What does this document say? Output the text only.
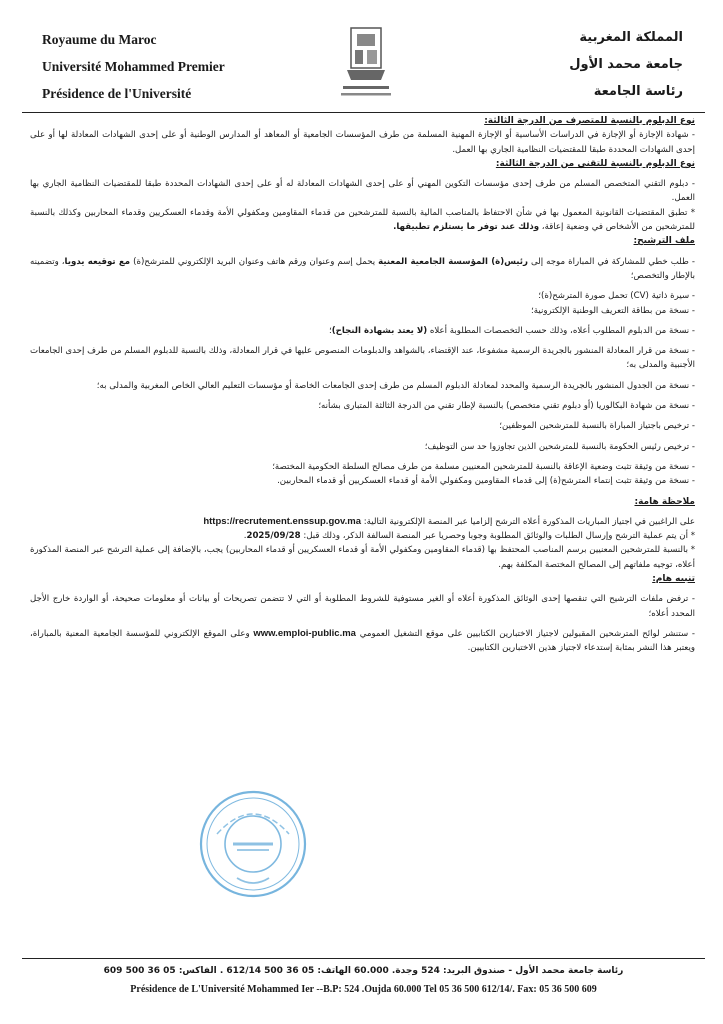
Royaume du Maroc
Université Mohammed Premier
Présidence de l'Université
المملكة المغربية
جامعة محمد الأول
رئاسة الجامعة

نوع الدبلوم بالنسبة للمتصرف من الدرجة الثالثة:

- شهادة الإجازة أو الإجازة في الدراسات الأساسية أو الإجازة المهنية المسلمة من طرف المؤسسات الجامعية أو المعاهد أو المدارس الوطنية أو على إحدى الشهادات المعادلة لها أو على إحدى الشهادات المحددة طبقا للمقتضيات النظامية الجاري بها العمل.

نوع الدبلوم بالنسبة للتقني من الدرجة الثالثة:

- دبلوم التقني المتخصص المسلم من طرف إحدى مؤسسات التكوين المهني أو على إحدى الشهادات المعادلة له أو على إحدى الشهادات المحددة طبقا للمقتضيات النظامية الجاري بها العمل.

* تطبق المقتضيات القانونية المعمول بها في شأن الاحتفاظ بالمناصب المالية بالنسبة للمترشحين من قدماء المقاومين ومكفولي الأمة وقدماء العسكريين وقدماء المحاربين وكذلك بالنسبة للمترشحين من الأشخاص في وضعية إعاقة، وذلك عند توفر ما يستلزم تطبيقها.

ملف الترشيح:

- طلب خطي للمشاركة في المباراة موجه إلى رئيس(ة) المؤسسة الجامعية المعنية يحمل إسم وعنوان ورقم هاتف وعنوان البريد الإلكتروني للمترشح(ة) مع توقيعه يدويا، وتضمينه بالإطار والتخصص؛

- سيرة ذاتية (CV) تحمل صورة المترشح(ة)؛

- نسخة من بطاقة التعريف الوطنية الإلكترونية؛

- نسخة من الدبلوم المطلوب أعلاه، وذلك حسب التخصصات المطلوبة أعلاه (لا يعتد بشهادة النجاح)؛

- نسخة من قرار المعادلة المنشور بالجريدة الرسمية مشفوعا، عند الإقتضاء، بالشواهد والدبلومات المنصوص عليها في قرار المعادلة، وذلك بالنسبة للدبلوم المسلم من طرف إحدى الجامعات الأجنبية والمدلى به؛

- نسخة من الجدول المنشور بالجريدة الرسمية والمحدد لمعادلة الدبلوم المسلم من طرف إحدى الجامعات الخاصة أو مؤسسات التعليم العالي الخاص المغربية والمدلى به؛

- نسخة من شهادة البكالوريا (أو دبلوم تقني متخصص) بالنسبة لإطار تقني من الدرجة الثالثة المتبارى بشأنه؛

- ترخيص باجتياز المباراة بالنسبة للمترشحين الموظفين؛

- ترخيص رئيس الحكومة بالنسبة للمترشحين الذين تجاوزوا حد سن التوظيف؛

- نسخة من وثيقة تثبت وضعية الإعاقة بالنسبة للمترشحين المعنيين مسلمة من طرف مصالح السلطة الحكومية المختصة؛

- نسخة من وثيقة تثبت إنتماء المترشح(ة) إلى قدماء المقاومين ومكفولي الأمة أو قدماء العسكريين أو قدماء المحاربين.

ملاحظة هامة:

على الراغبين في اجتياز المباريات المذكورة أعلاه الترشح إلزاميا عبر المنصة الإلكترونية التالية: https://recrutement.enssup.gov.ma

* أن يتم عملية الترشح وإرسال الطلبات والوثائق المطلوبة وجوبا وحصريا عبر المنصة السالفة الذكر، وذلك قبل: 2025/09/28.

* بالنسبة للمترشحين المعنيين برسم المناصب المحتفظ بها (قدماء المقاومين ومكفولي الأمة أو قدماء العسكريين أو قدماء المحاربين) يجب، بالإضافة إلى عملية الترشح عبر المنصة المذكورة أعلاه، توجيه ملفاتهم إلى المصالح المختصة المكلفة بهم.

تنبيه هام:

- ترفض ملفات الترشيح التي تنقصها إحدى الوثائق المذكورة أعلاه أو الغير مستوفية للشروط المطلوبة أو التي لا تتضمن تصريحات أو بيانات أو معلومات صحيحة، أو الواردة خارج الأجل المحدد أعلاه؛

- ستنشر لوائح المترشحين المقبولين لاجتياز الاختبارين الكتابيين على موقع التشغيل العمومي www.emploi-public.ma وعلى الموقع الإلكتروني للمؤسسة الجامعية المعنية بالمباراة، ويعتبر هذا النشر بمثابة إستدعاء لاجتياز هذين الاختبارين الكتابيين.

رئاسة جامعة محمد الأول - صندوق البريد: 524 وجدة. 60.000 الهاتف: 05 36 500 612/14 . الفاكس: 05 36 500 609
Présidence de L'Université Mohammed Ier --B.P: 524 .Oujda 60.000 Tel 05 36 500 612/14/. Fax: 05 36 500 609
